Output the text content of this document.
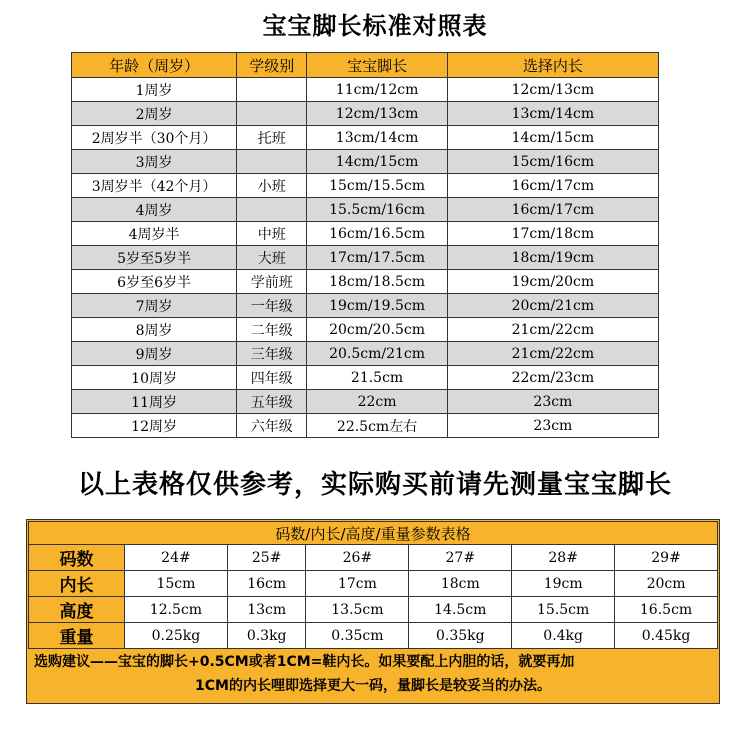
宝宝脚长标准对照表
年龄（周岁）	学级别	宝宝脚长	选择内长
1周岁		11cm/12cm	12cm/13cm
2周岁		12cm/13cm	13cm/14cm
2周岁半（30个月）	托班	13cm/14cm	14cm/15cm
3周岁		14cm/15cm	15cm/16cm
3周岁半（42个月）	小班	15cm/15.5cm	16cm/17cm
4周岁		15.5cm/16cm	16cm/17cm
4周岁半	中班	16cm/16.5cm	17cm/18cm
5岁至5岁半	大班	17cm/17.5cm	18cm/19cm
6岁至6岁半	学前班	18cm/18.5cm	19cm/20cm
7周岁	一年级	19cm/19.5cm	20cm/21cm
8周岁	二年级	20cm/20.5cm	21cm/22cm
9周岁	三年级	20.5cm/21cm	21cm/22cm
10周岁	四年级	21.5cm	22cm/23cm
11周岁	五年级	22cm	23cm
12周岁	六年级	22.5cm左右	23cm
以上表格仅供参考，实际购买前请先测量宝宝脚长
码数/内长/高度/重量参数表格						
码数	24#	25#	26#	27#	28#	29#
内长	15cm	16cm	17cm	18cm	19cm	20cm
高度	12.5cm	13cm	13.5cm	14.5cm	15.5cm	16.5cm
重量	0.25kg	0.3kg	0.35cm	0.35kg	0.4kg	0.45kg
选购建议——宝宝的脚长+0.5CM或者1CM=鞋内长。如果要配上内胆的话，就要再加
1CM的内长哩即选择更大一码，量脚长是较妥当的办法。
